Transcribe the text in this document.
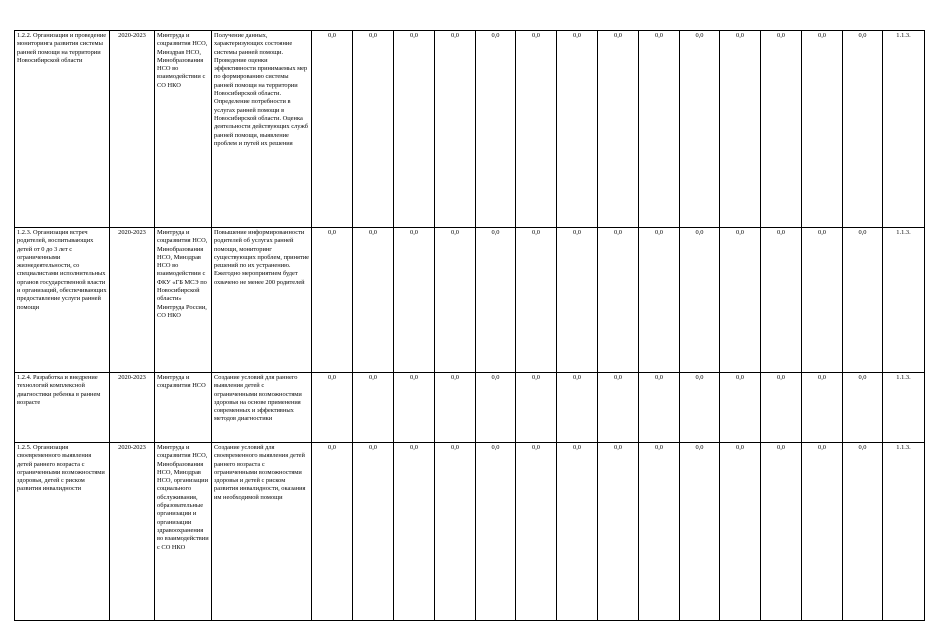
1.2.2. Организация и проведение мониторинга развития системы ранней помощи на территории Новосибирской области	2020-2023	Минтруда и соцразвития НСО, Минздрав НСО, Минобразования НСО во взаимодействии с СО НКО	Получение данных, характеризующих состояние системы ранней помощи. Проведение оценки эффективности принимаемых мер по формированию системы ранней помощи на территории Новосибирской области. Определение потребности в услугах ранней помощи в Новосибирской области. Оценка деятельности действующих служб ранней помощи, выявление проблем и путей их решения	0,0	0,0	0,0	0,0	0,0	0,0	0,0	0,0	0,0	0,0	0,0	0,0	0,0	0,0	1.1.3.
1.2.3. Организация встреч родителей, воспитывающих детей от 0 до 3 лет с ограниченными жизнедеятельности, со специалистами исполнительных органов государственной власти и организаций, обеспечивающих предоставление услуги ранней помощи	2020-2023	Минтруда и соцразвития НСО, Минобразования НСО, Минздрав НСО во взаимодействии с ФКУ «ГБ МСЭ по Новосибирской области» Минтруда России, СО НКО	Повышение информированности родителей об услугах ранней помощи, мониторинг существующих проблем, принятие решений по их устранению. Ежегодно мероприятием будет охвачено не менее 200 родителей	0,0	0,0	0,0	0,0	0,0	0,0	0,0	0,0	0,0	0,0	0,0	0,0	0,0	0,0	1.1.3.
1.2.4. Разработка и внедрение технологий комплексной диагностики ребенка в раннем возрасте	2020-2023	Минтруда и соцразвития НСО	Создание условий для раннего выявления детей с ограниченными возможностями здоровья на основе применения современных и эффективных методов диагностики	0,0	0,0	0,0	0,0	0,0	0,0	0,0	0,0	0,0	0,0	0,0	0,0	0,0	0,0	1.1.3.
1.2.5. Организация своевременного выявления детей раннего возраста с ограниченными возможностями здоровья, детей с риском развития инвалидности	2020-2023	Минтруда и соцразвития НСО, Минобразования НСО, Минздрав НСО, организации социального обслуживания, образовательные организации и организации здравоохранения во взаимодействии с СО НКО	Создание условий для своевременного выявления детей раннего возраста с ограниченными возможностями здоровья и детей с риском развития инвалидности, оказания им необходимой помощи	0,0	0,0	0,0	0,0	0,0	0,0	0,0	0,0	0,0	0,0	0,0	0,0	0,0	0,0	1.1.3.
